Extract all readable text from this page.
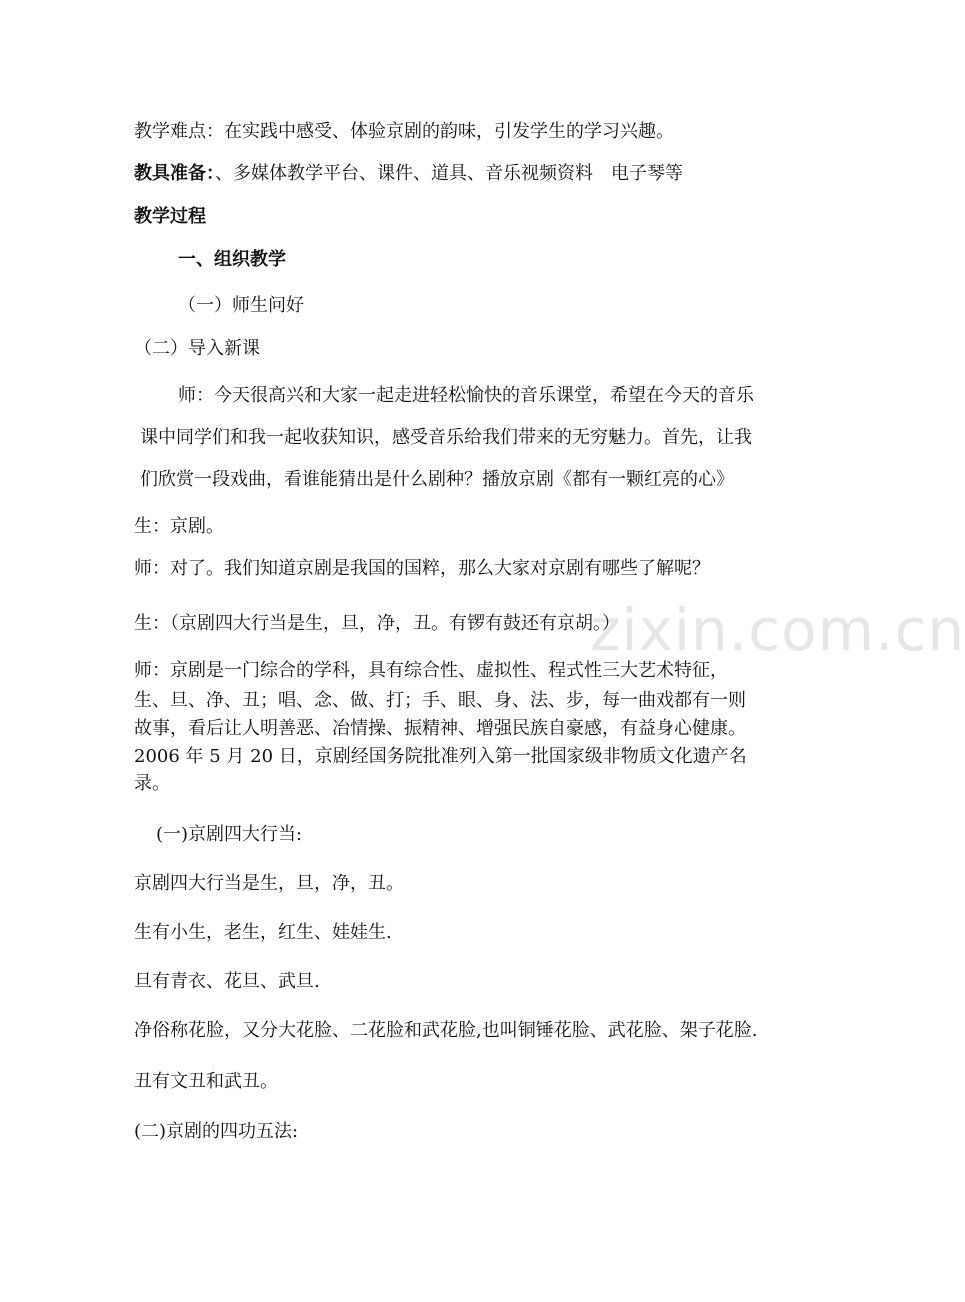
zixin.com.cn
教学难点：在实践中感受、体验京剧的韵味，引发学生的学习兴趣。
教具准备：、多媒体教学平台、课件、道具、音乐视频资料　电子琴等
教学过程
一、组织教学
（一）师生问好
（二）导入新课
师：今天很高兴和大家一起走进轻松愉快的音乐课堂，希望在今天的音乐
课中同学们和我一起收获知识，感受音乐给我们带来的无穷魅力。首先，让我
们欣赏一段戏曲，看谁能猜出是什么剧种？播放京剧《都有一颗红亮的心》
生：京剧。
师：对了。我们知道京剧是我国的国粹，那么大家对京剧有哪些了解呢？
生：（京剧四大行当是生，旦，净，丑。有锣有鼓还有京胡。）
师：京剧是一门综合的学科，具有综合性、虚拟性、程式性三大艺术特征，
生、旦、净、丑；唱、念、做、打；手、眼、身、法、步，每一曲戏都有一则
故事，看后让人明善恶、冶情操、振精神、增强民族自豪感，有益身心健康。
2006 年 5 月 20 日，京剧经国务院批准列入第一批国家级非物质文化遗产名
录。
(一)京剧四大行当:
京剧四大行当是生，旦，净，丑。
生有小生，老生，红生、娃娃生.
旦有青衣、花旦、武旦.
净俗称花脸，又分大花脸、二花脸和武花脸,也叫铜锤花脸、武花脸、架子花脸.
丑有文丑和武丑。
(二)京剧的四功五法:
